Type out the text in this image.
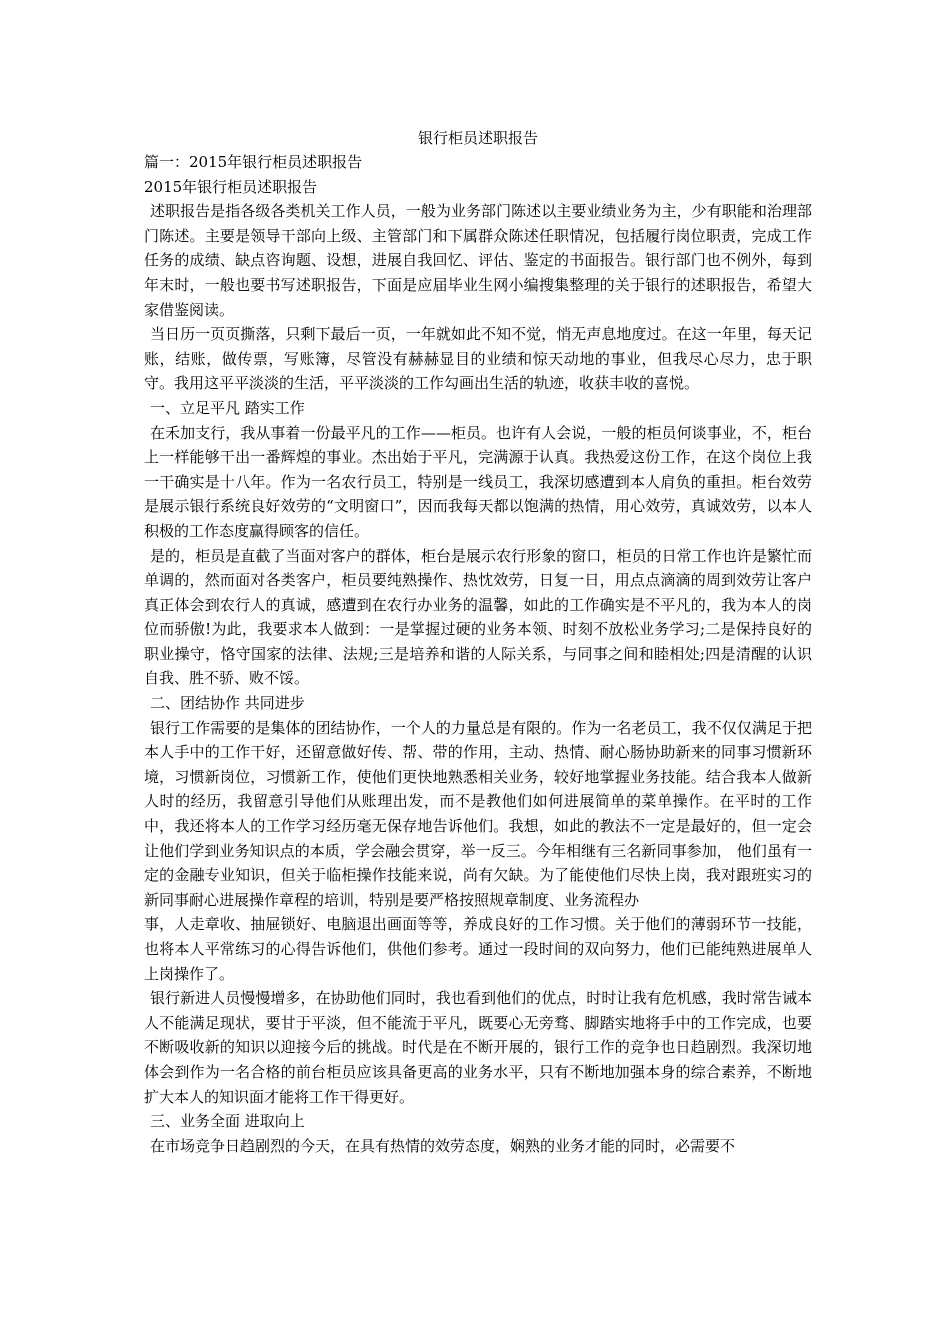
银行柜员述职报告

篇一：2015年银行柜员述职报告

2015年银行柜员述职报告

述职报告是指各级各类机关工作人员，一般为业务部门陈述以主要业绩业务为主，少有职能和治理部门陈述。主要是领导干部向上级、主管部门和下属群众陈述任职情况，包括履行岗位职责，完成工作任务的成绩、缺点咨询题、设想，进展自我回忆、评估、鉴定的书面报告。银行部门也不例外，每到年末时，一般也要书写述职报告，下面是应届毕业生网小编搜集整理的关于银行的述职报告，希望大家借鉴阅读。

当日历一页页撕落，只剩下最后一页，一年就如此不知不觉，悄无声息地度过。在这一年里，每天记账，结账，做传票，写账簿，尽管没有赫赫显目的业绩和惊天动地的事业，但我尽心尽力，忠于职守。我用这平平淡淡的生活，平平淡淡的工作勾画出生活的轨迹，收获丰收的喜悦。

一、立足平凡 踏实工作

在禾加支行，我从事着一份最平凡的工作——柜员。也许有人会说，一般的柜员何谈事业，不，柜台上一样能够干出一番辉煌的事业。杰出始于平凡，完满源于认真。我热爱这份工作，在这个岗位上我一干确实是十八年。作为一名农行员工，特别是一线员工，我深切感遭到本人肩负的重担。柜台效劳是展示银行系统良好效劳的“文明窗口”，因而我每天都以饱满的热情，用心效劳，真诚效劳，以本人积极的工作态度赢得顾客的信任。

是的，柜员是直截了当面对客户的群体，柜台是展示农行形象的窗口，柜员的日常工作也许是繁忙而单调的，然而面对各类客户，柜员要纯熟操作、热忱效劳，日复一日，用点点滴滴的周到效劳让客户真正体会到农行人的真诚，感遭到在农行办业务的温馨，如此的工作确实是不平凡的，我为本人的岗位而骄傲!为此，我要求本人做到：一是掌握过硬的业务本领、时刻不放松业务学习;二是保持良好的职业操守，恪守国家的法律、法规;三是培养和谐的人际关系，与同事之间和睦相处;四是清醒的认识自我、胜不骄、败不馁。

二、团结协作 共同进步

银行工作需要的是集体的团结协作，一个人的力量总是有限的。作为一名老员工，我不仅仅满足于把本人手中的工作干好，还留意做好传、帮、带的作用，主动、热情、耐心肠协助新来的同事习惯新环境，习惯新岗位，习惯新工作，使他们更快地熟悉相关业务，较好地掌握业务技能。结合我本人做新人时的经历，我留意引导他们从账理出发，而不是教他们如何进展简单的菜单操作。在平时的工作中，我还将本人的工作学习经历毫无保存地告诉他们。我想，如此的教法不一定是最好的，但一定会让他们学到业务知识点的本质，学会融会贯穿，举一反三。今年相继有三名新同事参加， 他们虽有一定的金融专业知识，但关于临柜操作技能来说，尚有欠缺。为了能使他们尽快上岗，我对跟班实习的新同事耐心进展操作章程的培训，特别是要严格按照规章制度、业务流程办

事，人走章收、抽屉锁好、电脑退出画面等等，养成良好的工作习惯。关于他们的薄弱环节一技能，也将本人平常练习的心得告诉他们，供他们参考。通过一段时间的双向努力，他们已能纯熟进展单人上岗操作了。

银行新进人员慢慢增多，在协助他们同时，我也看到他们的优点，时时让我有危机感，我时常告诫本人不能满足现状，要甘于平淡，但不能流于平凡，既要心无旁骛、脚踏实地将手中的工作完成，也要不断吸收新的知识以迎接今后的挑战。时代是在不断开展的，银行工作的竞争也日趋剧烈。我深切地体会到作为一名合格的前台柜员应该具备更高的业务水平，只有不断地加强本身的综合素养，不断地扩大本人的知识面才能将工作干得更好。

三、业务全面 进取向上

在市场竞争日趋剧烈的今天，在具有热情的效劳态度，娴熟的业务才能的同时，必需要不
